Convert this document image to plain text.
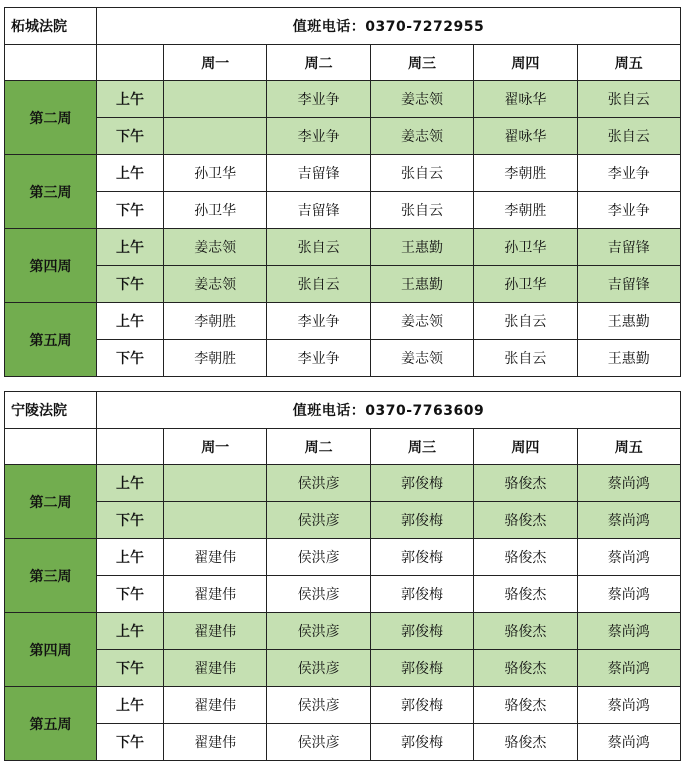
柘城法院	值班电话：0370-7272955					
		周一	周二	周三	周四	周五
第二周	上午		李业争	姜志领	翟咏华	张自云
	下午		李业争	姜志领	翟咏华	张自云
第三周	上午	孙卫华	吉留锋	张自云	李朝胜	李业争
	下午	孙卫华	吉留锋	张自云	李朝胜	李业争
第四周	上午	姜志领	张自云	王惠勤	孙卫华	吉留锋
	下午	姜志领	张自云	王惠勤	孙卫华	吉留锋
第五周	上午	李朝胜	李业争	姜志领	张自云	王惠勤
	下午	李朝胜	李业争	姜志领	张自云	王惠勤
宁陵法院	值班电话：0370-7763609					
		周一	周二	周三	周四	周五
第二周	上午		侯洪彦	郭俊梅	骆俊杰	蔡尚鸿
	下午		侯洪彦	郭俊梅	骆俊杰	蔡尚鸿
第三周	上午	翟建伟	侯洪彦	郭俊梅	骆俊杰	蔡尚鸿
	下午	翟建伟	侯洪彦	郭俊梅	骆俊杰	蔡尚鸿
第四周	上午	翟建伟	侯洪彦	郭俊梅	骆俊杰	蔡尚鸿
	下午	翟建伟	侯洪彦	郭俊梅	骆俊杰	蔡尚鸿
第五周	上午	翟建伟	侯洪彦	郭俊梅	骆俊杰	蔡尚鸿
	下午	翟建伟	侯洪彦	郭俊梅	骆俊杰	蔡尚鸿
